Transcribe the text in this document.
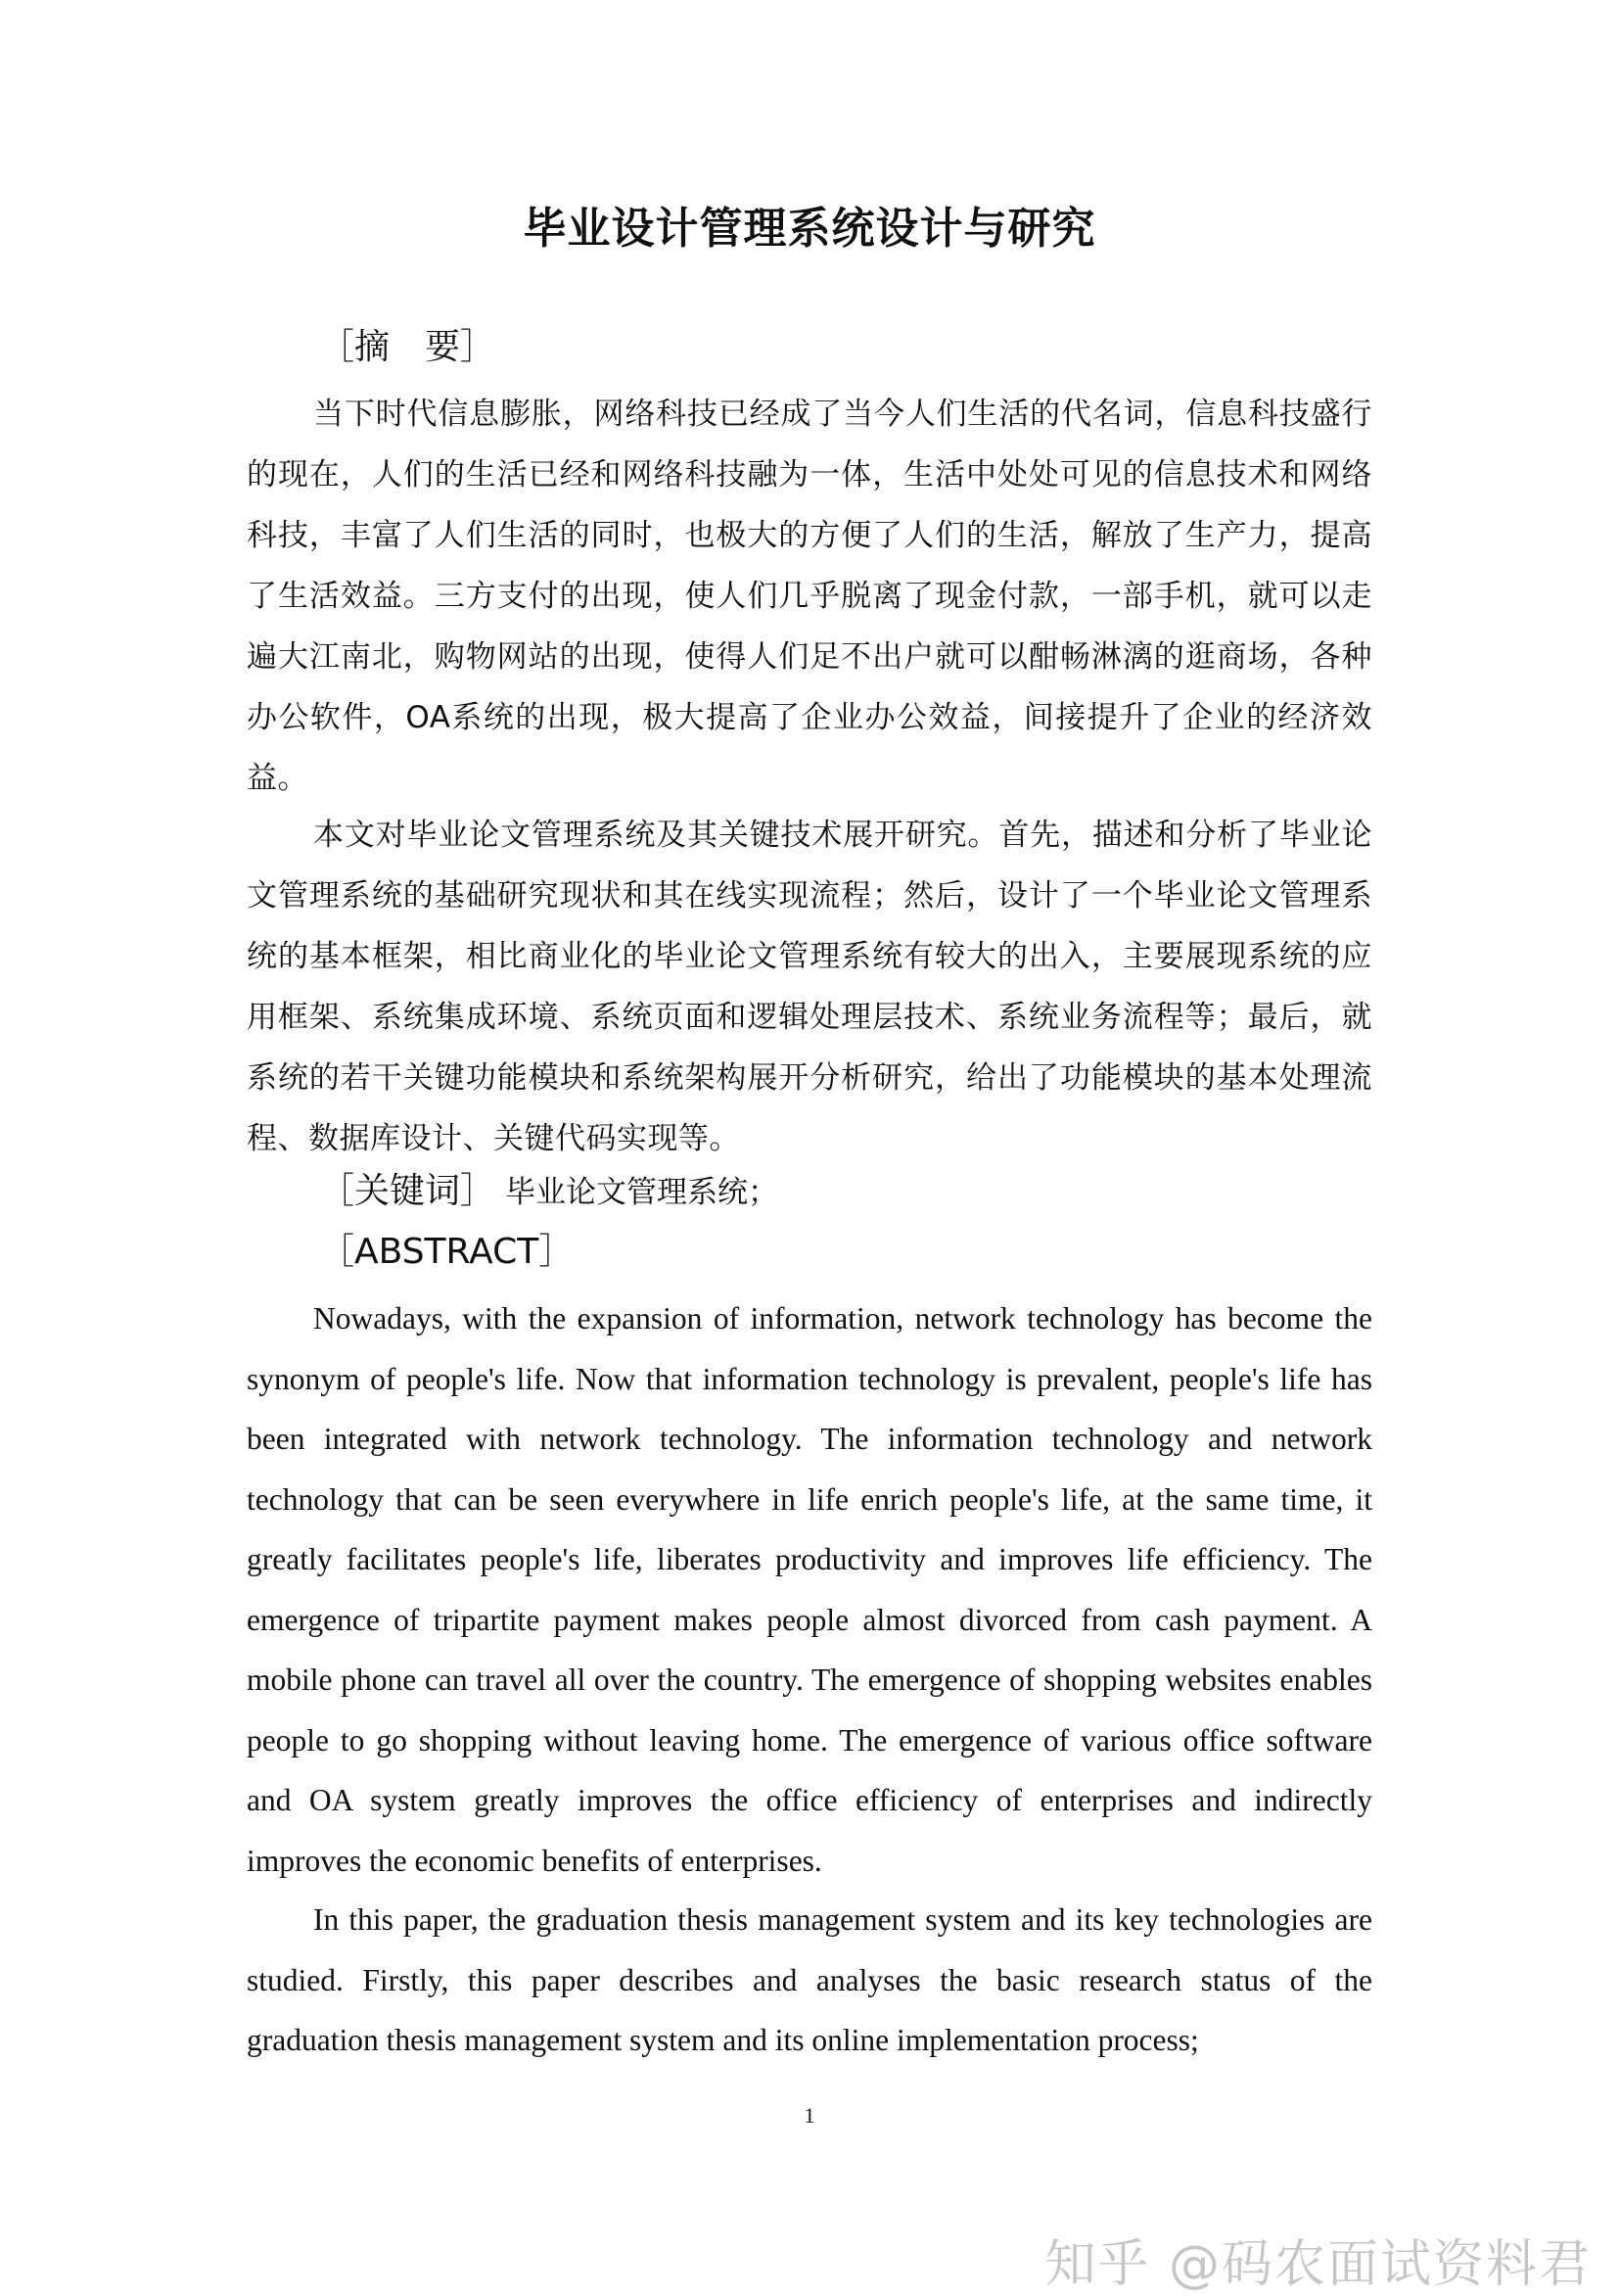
毕业设计管理系统设计与研究
［摘　要］

当下时代信息膨胀，网络科技已经成了当今人们生活的代名词，信息科技盛行的现在，人们的生活已经和网络科技融为一体，生活中处处可见的信息技术和网络科技，丰富了人们生活的同时，也极大的方便了人们的生活，解放了生产力，提高了生活效益。三方支付的出现，使人们几乎脱离了现金付款，一部手机，就可以走遍大江南北，购物网站的出现，使得人们足不出户就可以酣畅淋漓的逛商场，各种办公软件，OA系统的出现，极大提高了企业办公效益，间接提升了企业的经济效益。

本文对毕业论文管理系统及其关键技术展开研究。首先，描述和分析了毕业论文管理系统的基础研究现状和其在线实现流程；然后，设计了一个毕业论文管理系统的基本框架，相比商业化的毕业论文管理系统有较大的出入，主要展现系统的应用框架、系统集成环境、系统页面和逻辑处理层技术、系统业务流程等；最后，就系统的若干关键功能模块和系统架构展开分析研究，给出了功能模块的基本处理流程、数据库设计、关键代码实现等。

［关键词］ 毕业论文管理系统；
［ABSTRACT］

Nowadays, with the expansion of information, network technology has become the synonym of people's life. Now that information technology is prevalent, people's life has been integrated with network technology. The information technology and network technology that can be seen everywhere in life enrich people's life, at the same time, it greatly facilitates people's life, liberates productivity and improves life efficiency. The emergence of tripartite payment makes people almost divorced from cash payment. A mobile phone can travel all over the country. The emergence of shopping websites enables people to go shopping without leaving home. The emergence of various office software and OA system greatly improves the office efficiency of enterprises and indirectly improves the economic benefits of enterprises.

In this paper, the graduation thesis management system and its key technologies are studied. Firstly, this paper describes and analyses the basic research status of the graduation thesis management system and its online implementation process;

1
知乎 @码农面试资料君
